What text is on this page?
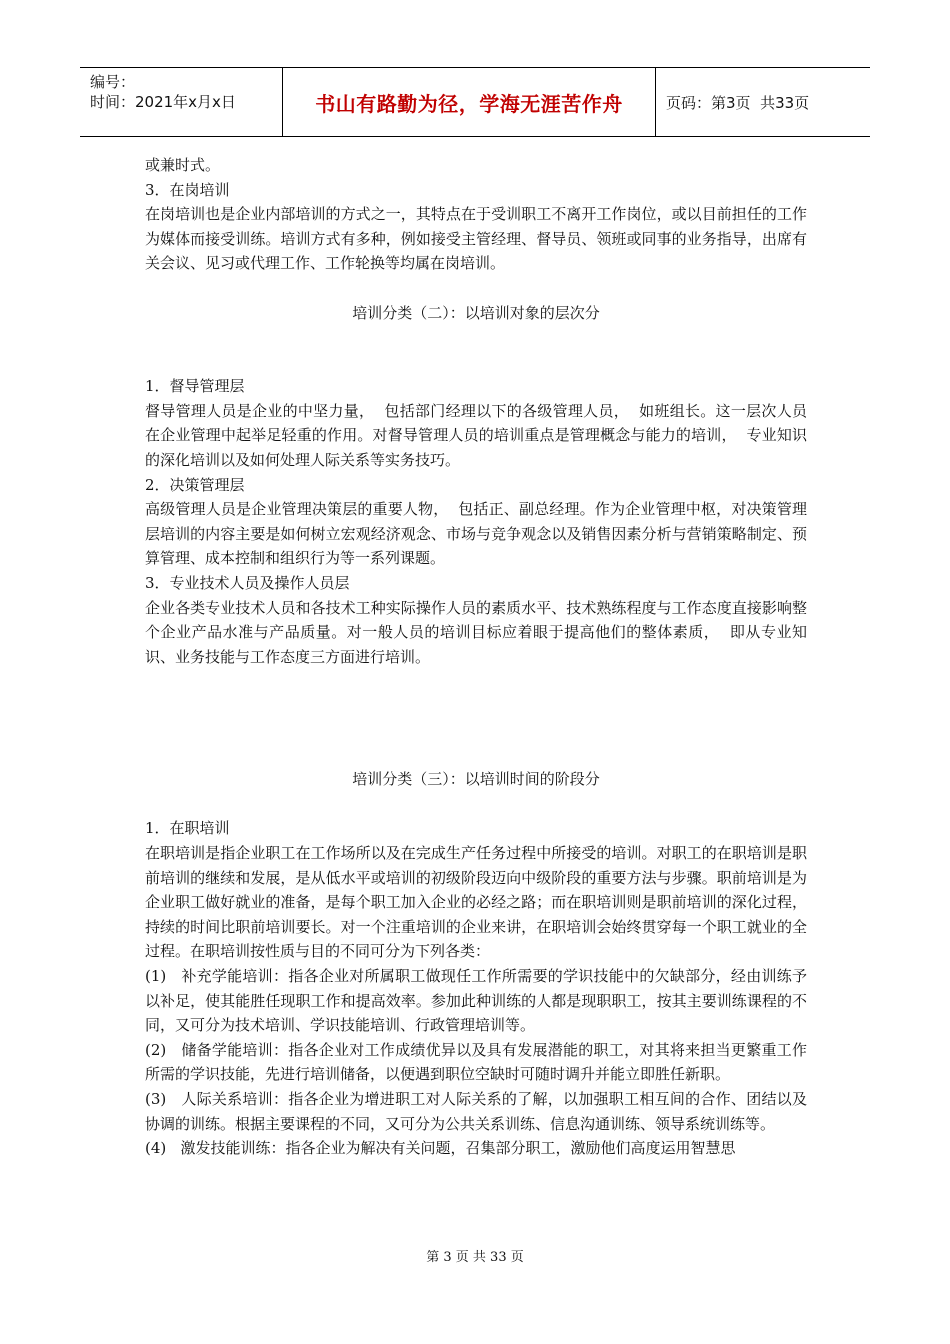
编号：
时间：2021年x月x日	书山有路勤为径，学海无涯苦作舟	页码：第3页  共33页

或兼时式。

3．在岗培训

在岗培训也是企业内部培训的方式之一，其特点在于受训职工不离开工作岗位，或以目前担任的工作为媒体而接受训练。培训方式有多种，例如接受主管经理、督导员、领班或同事的业务指导，出席有关会议、见习或代理工作、工作轮换等均属在岗培训。

培训分类（二）：以培训对象的层次分

1．督导管理层

督导管理人员是企业的中坚力量，  包括部门经理以下的各级管理人员，  如班组长。这一层次人员在企业管理中起举足轻重的作用。对督导管理人员的培训重点是管理概念与能力的培训，  专业知识的深化培训以及如何处理人际关系等实务技巧。

2．决策管理层

高级管理人员是企业管理决策层的重要人物，  包括正、副总经理。作为企业管理中枢，对决策管理层培训的内容主要是如何树立宏观经济观念、市场与竞争观念以及销售因素分析与营销策略制定、预算管理、成本控制和组织行为等一系列课题。

3．专业技术人员及操作人员层

企业各类专业技术人员和各技术工种实际操作人员的素质水平、技术熟练程度与工作态度直接影响整个企业产品水准与产品质量。对一般人员的培训目标应着眼于提高他们的整体素质，  即从专业知识、业务技能与工作态度三方面进行培训。

培训分类（三）：以培训时间的阶段分

1．在职培训

在职培训是指企业职工在工作场所以及在完成生产任务过程中所接受的培训。对职工的在职培训是职前培训的继续和发展，是从低水平或培训的初级阶段迈向中级阶段的重要方法与步骤。职前培训是为企业职工做好就业的准备，是每个职工加入企业的必经之路；而在职培训则是职前培训的深化过程，持续的时间比职前培训要长。对一个注重培训的企业来讲，在职培训会始终贯穿每一个职工就业的全过程。在职培训按性质与目的不同可分为下列各类：

(1)   补充学能培训：指各企业对所属职工做现任工作所需要的学识技能中的欠缺部分，经由训练予以补足，使其能胜任现职工作和提高效率。参加此种训练的人都是现职职工，按其主要训练课程的不同，又可分为技术培训、学识技能培训、行政管理培训等。

(2)   储备学能培训：指各企业对工作成绩优异以及具有发展潜能的职工，对其将来担当更繁重工作所需的学识技能，先进行培训储备，以便遇到职位空缺时可随时调升并能立即胜任新职。

(3)   人际关系培训：指各企业为增进职工对人际关系的了解，以加强职工相互间的合作、团结以及协调的训练。根据主要课程的不同，又可分为公共关系训练、信息沟通训练、领导系统训练等。

(4)   激发技能训练：指各企业为解决有关问题，召集部分职工，激励他们高度运用智慧思

第 3 页 共 33 页
